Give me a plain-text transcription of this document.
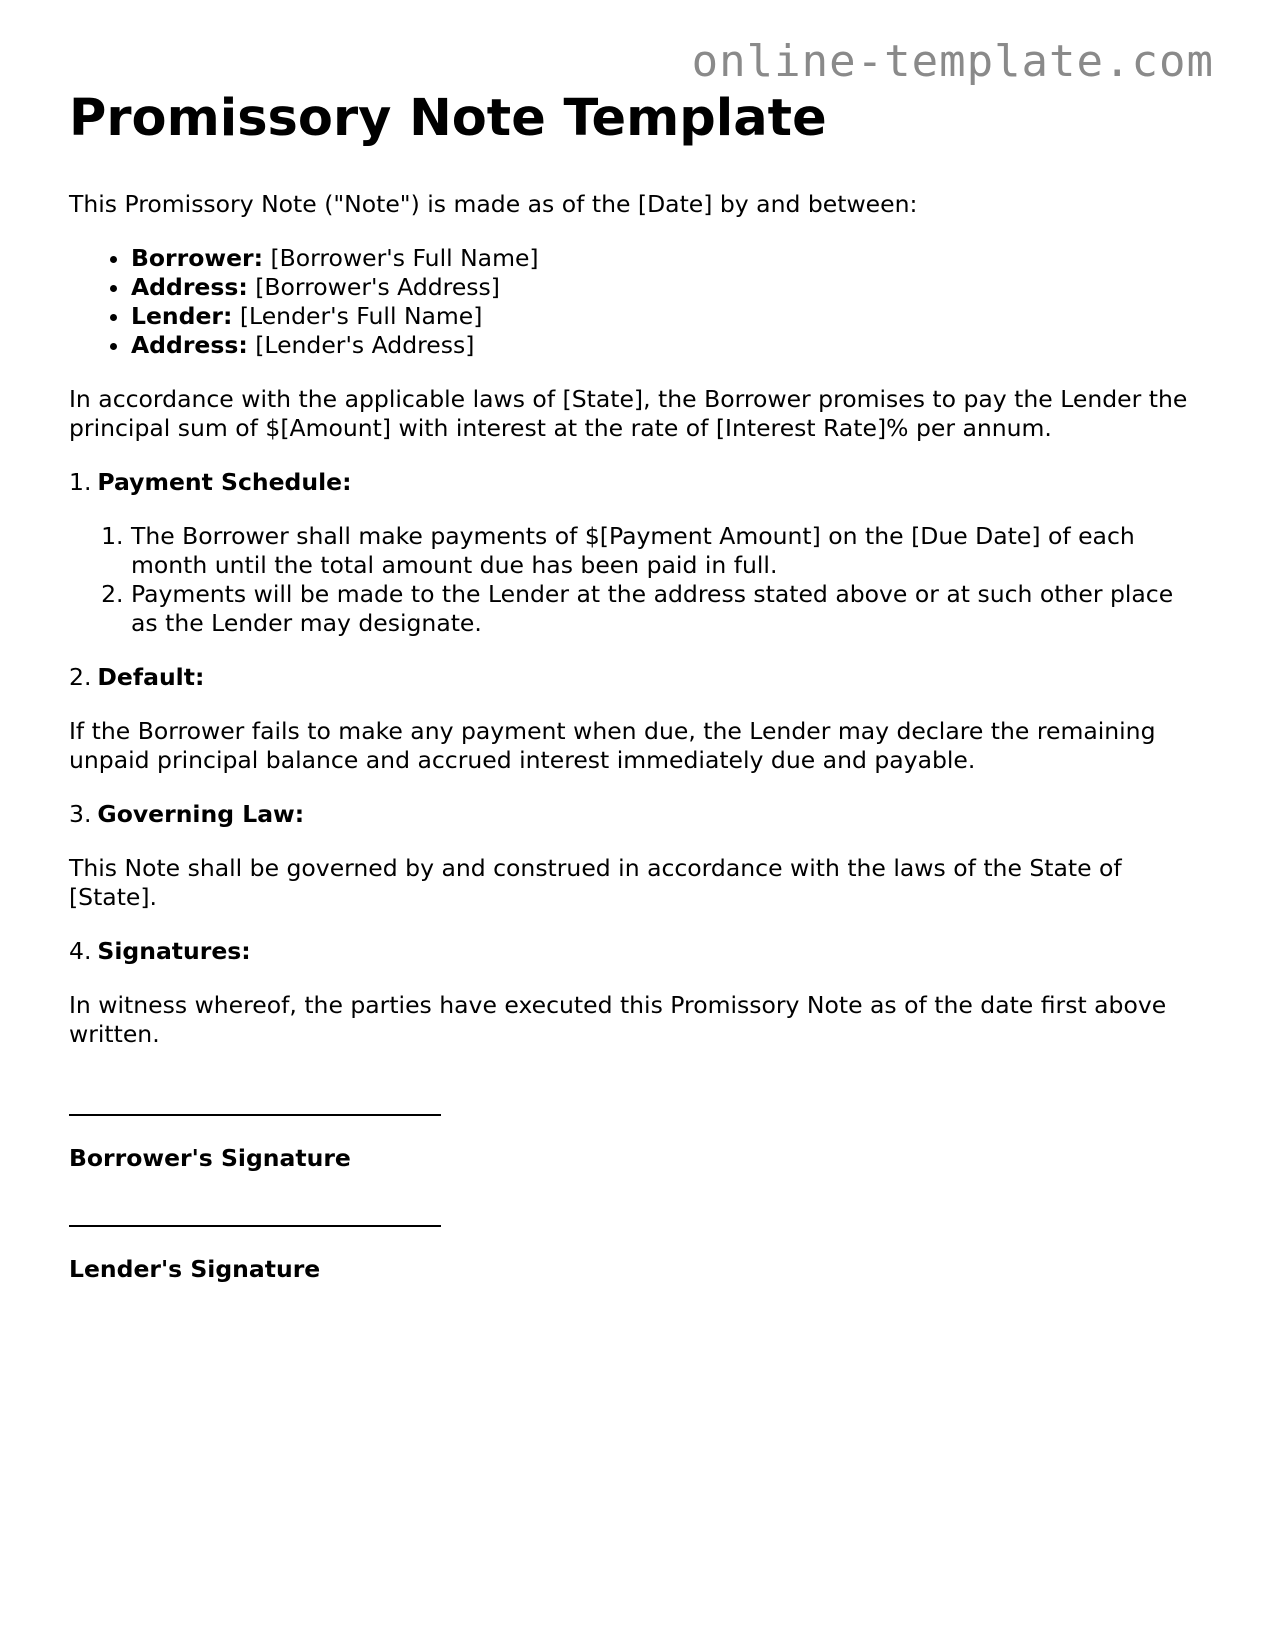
online-template.com
Promissory Note Template

This Promissory Note ("Note") is made as of the [Date] by and between:

• Borrower: [Borrower's Full Name]
• Address: [Borrower's Address]
• Lender: [Lender's Full Name]
• Address: [Lender's Address]

In accordance with the applicable laws of [State], the Borrower promises to pay the Lender the principal sum of $[Amount] with interest at the rate of [Interest Rate]% per annum.

1. Payment Schedule:
1. The Borrower shall make payments of $[Payment Amount] on the [Due Date] of each month until the total amount due has been paid in full.
2. Payments will be made to the Lender at the address stated above or at such other place as the Lender may designate.
2. Default:

If the Borrower fails to make any payment when due, the Lender may declare the remaining unpaid principal balance and accrued interest immediately due and payable.

3. Governing Law:

This Note shall be governed by and construed in accordance with the laws of the State of [State].

4. Signatures:

In witness whereof, the parties have executed this Promissory Note as of the date first above written.

Borrower's Signature
Lender's Signature
